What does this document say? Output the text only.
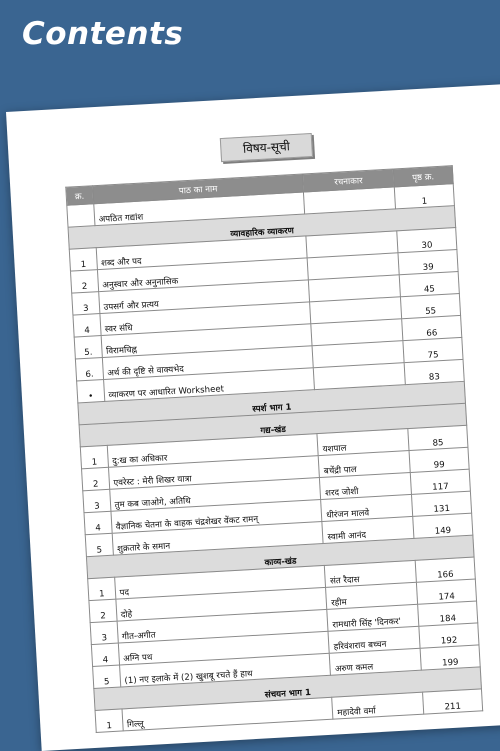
Contents
विषय-सूची
क्र.	पाठ का नाम	रचनाकार	पृष्ठ क्र.
	अपठित गद्यांश		1
व्यावहारिक व्याकरण			
1	शब्द और पद		30
2	अनुस्वार और अनुनासिक		39
3	उपसर्ग और प्रत्यय		45
4	स्वर संधि		55
5.	विरामचिह्न		66
6.	अर्थ की दृष्टि से वाक्यभेद		75
•	व्याकरण पर आधारित Worksheet		83
स्पर्श भाग 1			
गद्य-खंड			
1	दु:ख का अधिकार	यशपाल	85
2	एवरेस्ट : मेरी शिखर यात्रा	बचेंद्री पाल	99
3	तुम कब जाओगे, अतिथि	शरद जोशी	117
4	वैज्ञानिक चेतना के वाहक चंद्रशेखर वेंकट रामन्	धीरंजन मालवे	131
5	शुक्रतारे के समान	स्वामी आनंद	149
काव्य-खंड			
1	पद	संत रैदास	166
2	दोहे	रहीम	174
3	गीत-अगीत	रामधारी सिंह 'दिनकर'	184
4	अग्नि पथ	हरिवंशराय बच्चन	192
5	(1) नए इलाके में (2) खुशबू रचते हैं हाथ	अरुण कमल	199
संचयन भाग 1			
1	गिल्लू	महादेवी वर्मा	211
